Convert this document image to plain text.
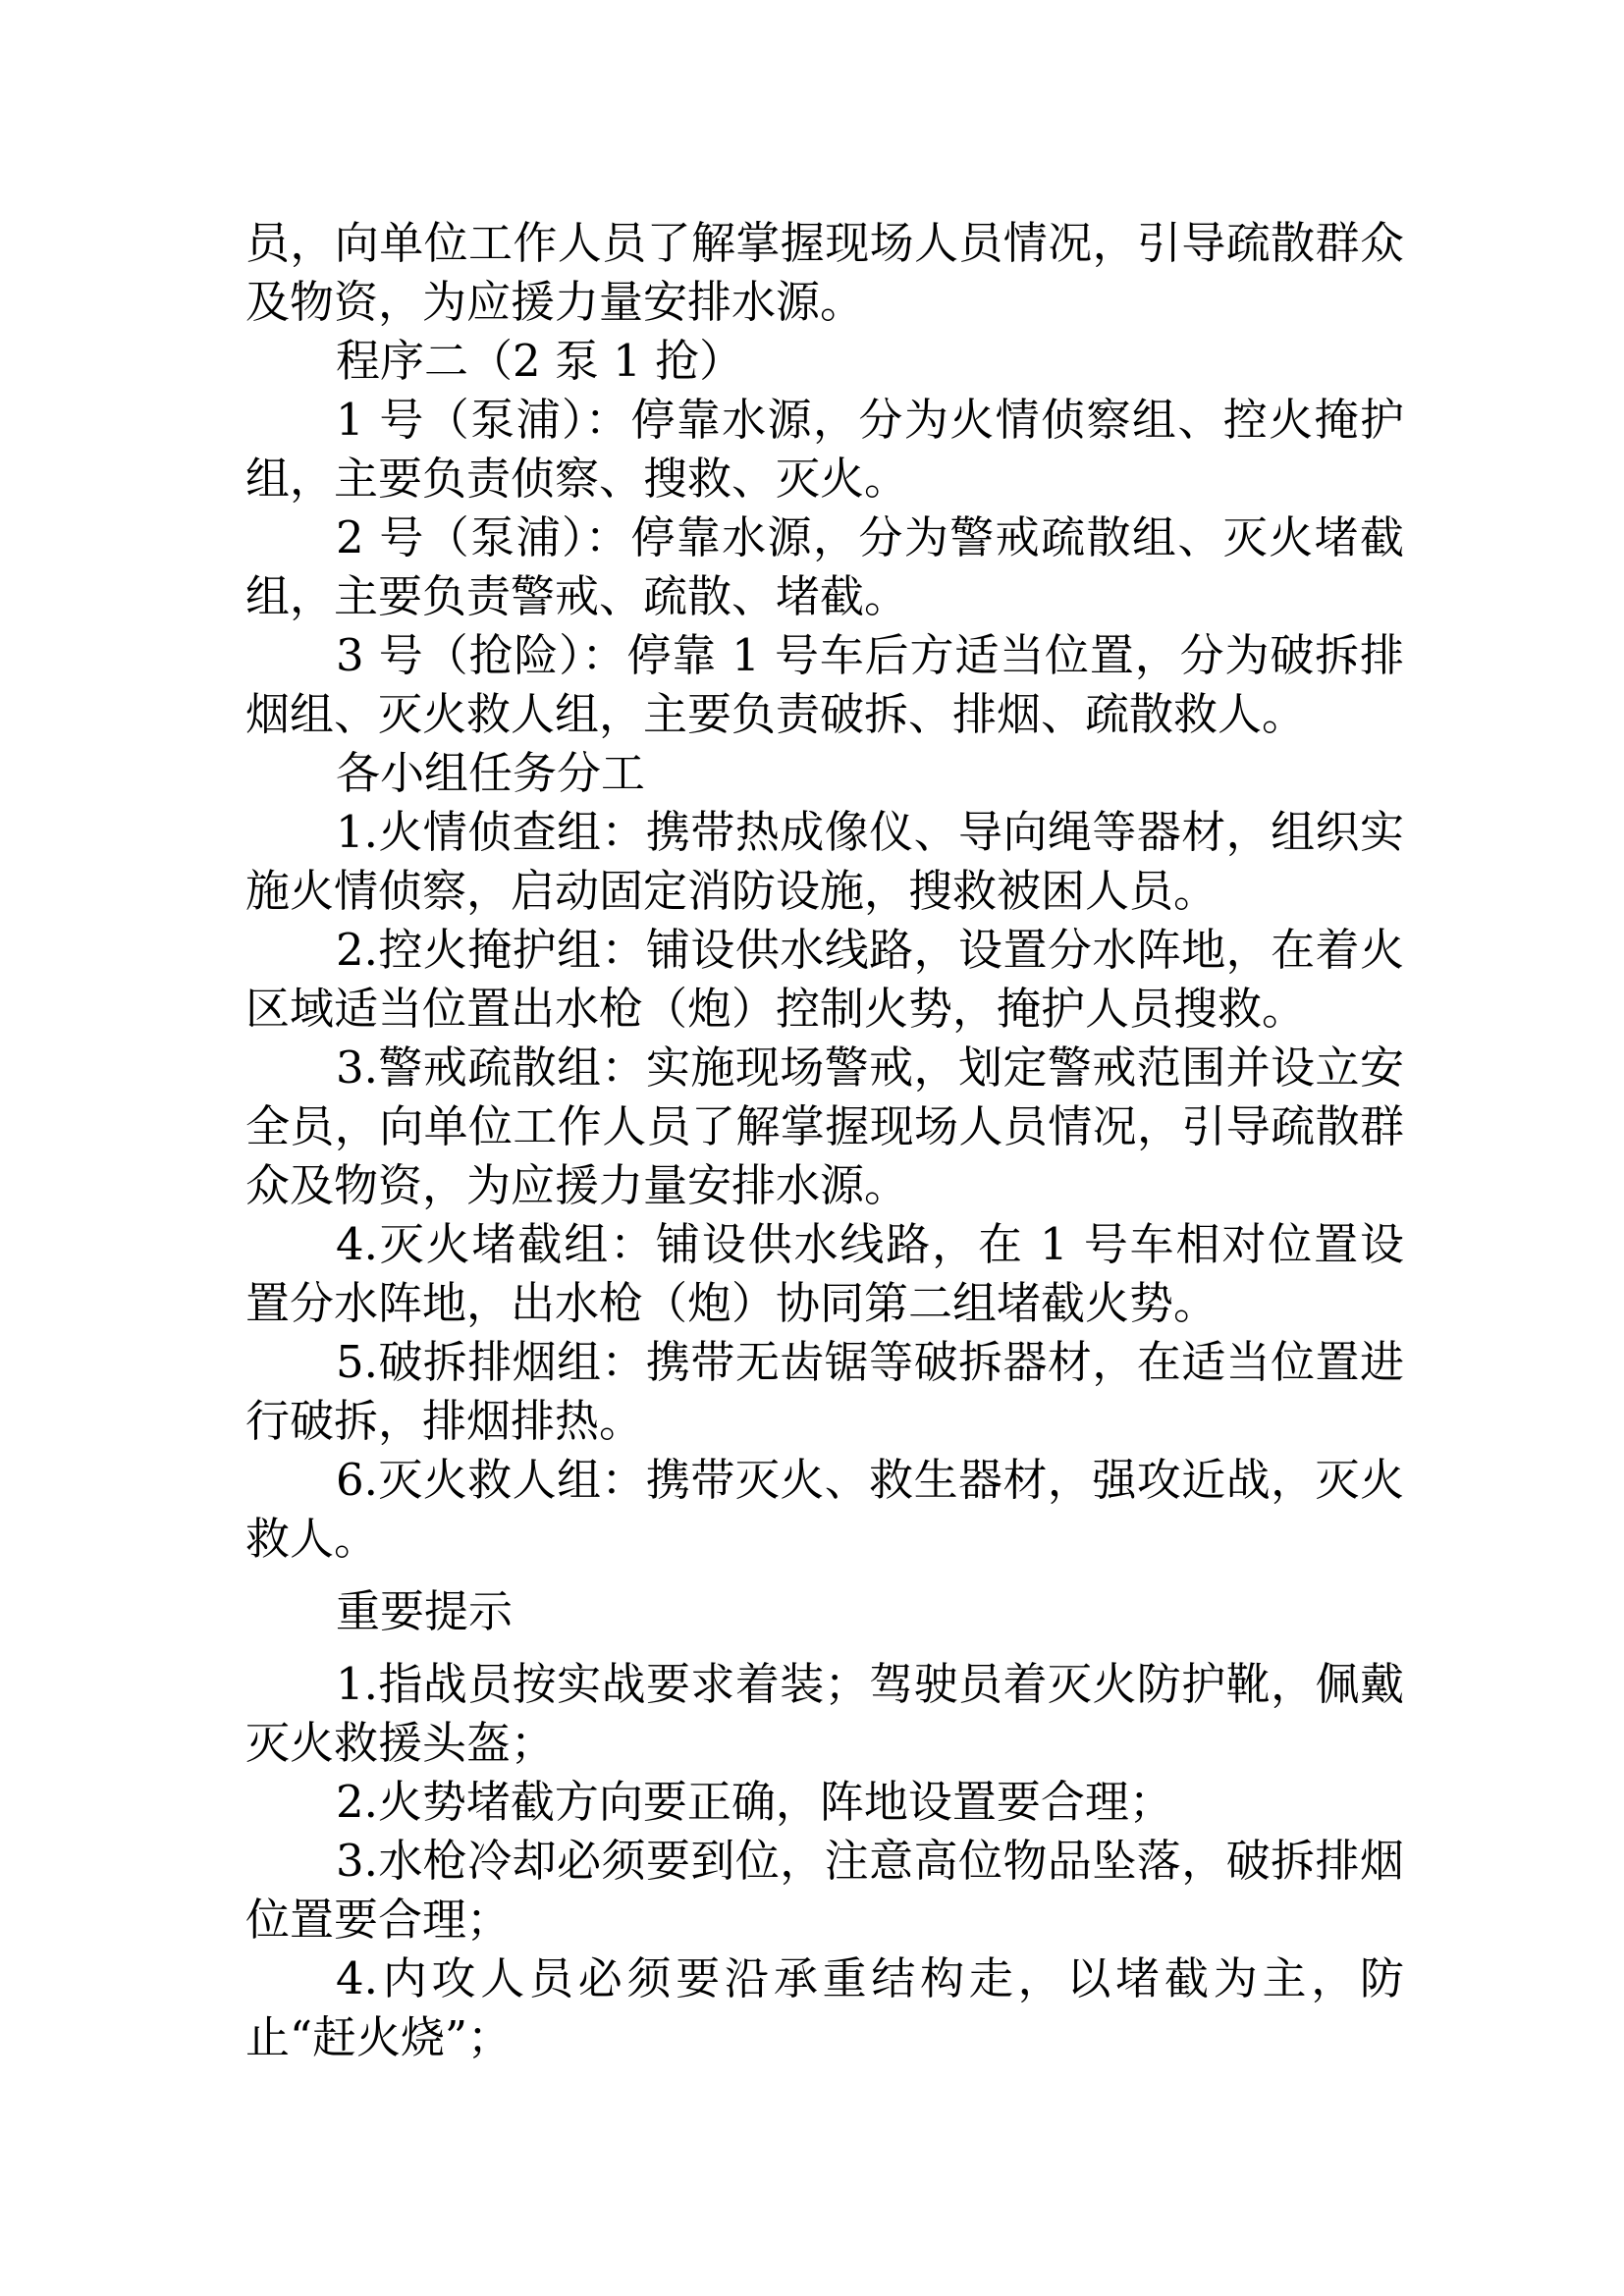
员，向单位工作人员了解掌握现场人员情况，引导疏散群众及物资，为应援力量安排水源。

程序二（2 泵 1 抢）

1 号（泵浦）：停靠水源，分为火情侦察组、控火掩护组，主要负责侦察、搜救、灭火。

2 号（泵浦）：停靠水源，分为警戒疏散组、灭火堵截组，主要负责警戒、疏散、堵截。

3 号（抢险）：停靠 1 号车后方适当位置，分为破拆排烟组、灭火救人组，主要负责破拆、排烟、疏散救人。

各小组任务分工

1.火情侦查组：携带热成像仪、导向绳等器材，组织实施火情侦察，启动固定消防设施，搜救被困人员。

2.控火掩护组：铺设供水线路，设置分水阵地，在着火区域适当位置出水枪（炮）控制火势，掩护人员搜救。

3.警戒疏散组：实施现场警戒，划定警戒范围并设立安全员，向单位工作人员了解掌握现场人员情况，引导疏散群众及物资，为应援力量安排水源。

4.灭火堵截组：铺设供水线路，在 1 号车相对位置设置分水阵地，出水枪（炮）协同第二组堵截火势。

5.破拆排烟组：携带无齿锯等破拆器材，在适当位置进行破拆，排烟排热。

6.灭火救人组：携带灭火、救生器材，强攻近战，灭火救人。

重要提示

1.指战员按实战要求着装；驾驶员着灭火防护靴，佩戴灭火救援头盔；

2.火势堵截方向要正确，阵地设置要合理；

3.水枪冷却必须要到位，注意高位物品坠落，破拆排烟位置要合理；

4.内攻人员必须要沿承重结构走，以堵截为主，防止“赶火烧”；
